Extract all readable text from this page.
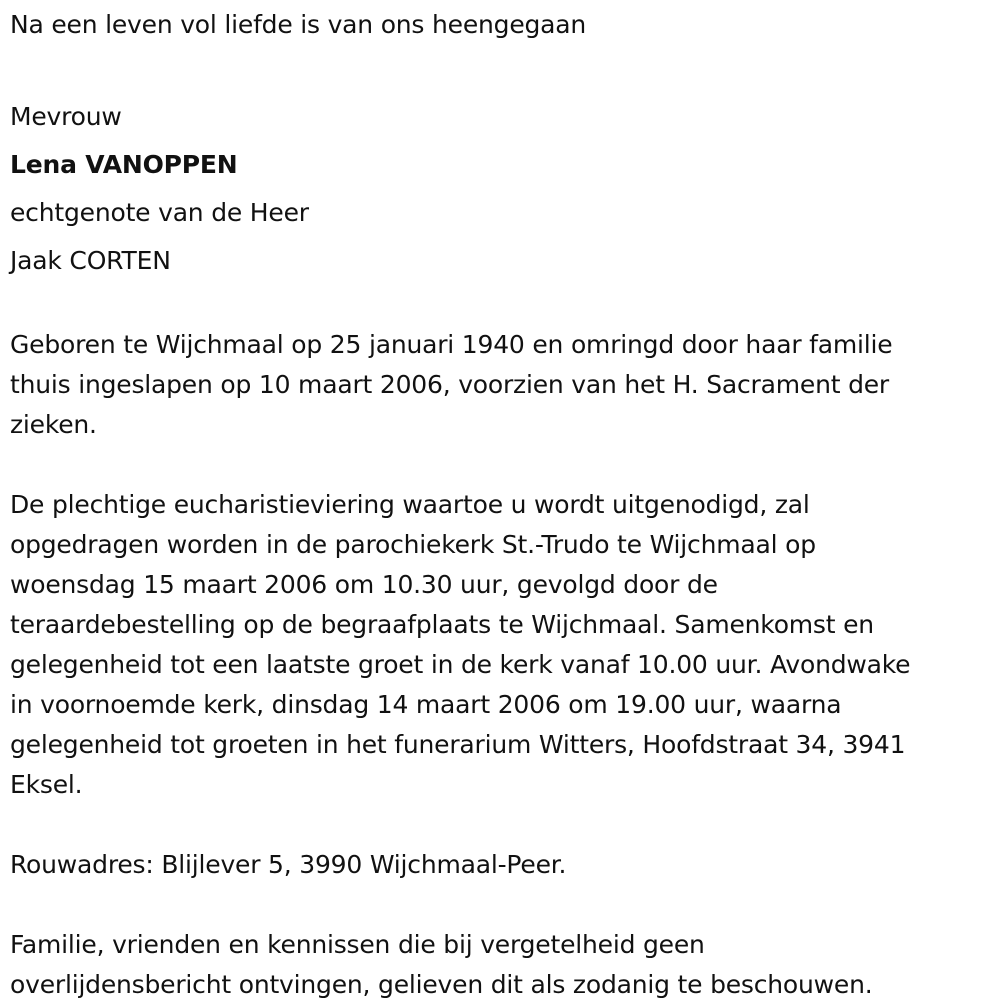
Na een leven vol liefde is van ons heengegaan
Mevrouw
Lena VANOPPEN
echtgenote van de Heer
Jaak CORTEN
Geboren te Wijchmaal op 25 januari 1940 en omringd door haar familie
thuis ingeslapen op 10 maart 2006, voorzien van het H. Sacrament der
zieken.
De plechtige eucharistieviering waartoe u wordt uitgenodigd, zal
opgedragen worden in de parochiekerk St.-Trudo te Wijchmaal op
woensdag 15 maart 2006 om 10.30 uur, gevolgd door de
teraardebestelling op de begraafplaats te Wijchmaal. Samenkomst en
gelegenheid tot een laatste groet in de kerk vanaf 10.00 uur. Avondwake
in voornoemde kerk, dinsdag 14 maart 2006 om 19.00 uur, waarna
gelegenheid tot groeten in het funerarium Witters, Hoofdstraat 34, 3941
Eksel.
Rouwadres: Blijlever 5, 3990 Wijchmaal-Peer.
Familie, vrienden en kennissen die bij vergetelheid geen
overlijdensbericht ontvingen, gelieven dit als zodanig te beschouwen.
